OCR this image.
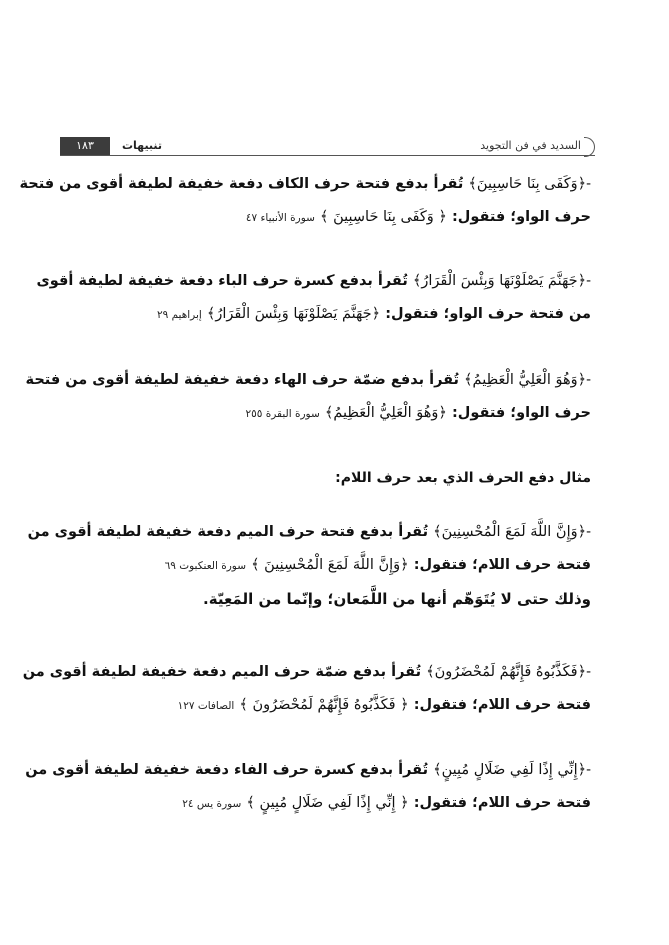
السديد في فن التجويد
تنبيهات
١٨٣
-﴿وَكَفَى بِنَا حَاسِبِينَ﴾ تُقرأ بدفع فتحة حرف الكاف دفعة خفيفة لطيفة أقوى من فتحة
حرف الواو؛ فتقول: ﴿ وَكَفَى بِنَا حَاسِبِينَ ﴾ سورة الأنبياء ٤٧
-﴿جَهَنَّمَ يَصْلَوْنَهَا وَبِئْسَ الْقَرَارُ﴾ تُقرأ بدفع كسرة حرف الباء دفعة خفيفة لطيفة أقوى
من فتحة حرف الواو؛ فتقول: ﴿جَهَنَّمَ يَصْلَوْنَهَا وَبِئْسَ الْقَرَارُ﴾ إبراهيم ٢٩
-﴿وَهُوَ الْعَلِيُّ الْعَظِيمُ﴾ تُقرأ بدفع ضمّة حرف الهاء دفعة خفيفة لطيفة أقوى من فتحة
حرف الواو؛ فتقول: ﴿وَهُوَ الْعَلِيُّ الْعَظِيمُ﴾ سورة البقرة ٢٥٥
مثال دفع الحرف الذي بعد حرف اللام:
-﴿وَإِنَّ اللَّهَ لَمَعَ الْمُحْسِنِينَ﴾ تُقرأ بدفع فتحة حرف الميم دفعة خفيفة لطيفة أقوى من
فتحة حرف اللام؛ فتقول: ﴿وَإِنَّ اللَّهَ لَمَعَ الْمُحْسِنِينَ ﴾ سورة العنكبوت ٦٩
وذلك حتى لا يُتَوَهّم أنها من اللَّمَعان؛ وإنّما من المَعِيّة.
-﴿فَكَذَّبُوهُ فَإِنَّهُمْ لَمُحْضَرُونَ﴾ تُقرأ بدفع ضمّة حرف الميم دفعة خفيفة لطيفة أقوى من
فتحة حرف اللام؛ فتقول: ﴿ فَكَذَّبُوهُ فَإِنَّهُمْ لَمُحْضَرُونَ ﴾ الصافات ١٢٧
-﴿إِنِّي إِذًا لَفِي ضَلَالٍ مُبِينٍ﴾ تُقرأ بدفع كسرة حرف الفاء دفعة خفيفة لطيفة أقوى من
فتحة حرف اللام؛ فتقول: ﴿ إِنِّي إِذًا لَفِي ضَلَالٍ مُبِينٍ ﴾ سورة يس ٢٤
